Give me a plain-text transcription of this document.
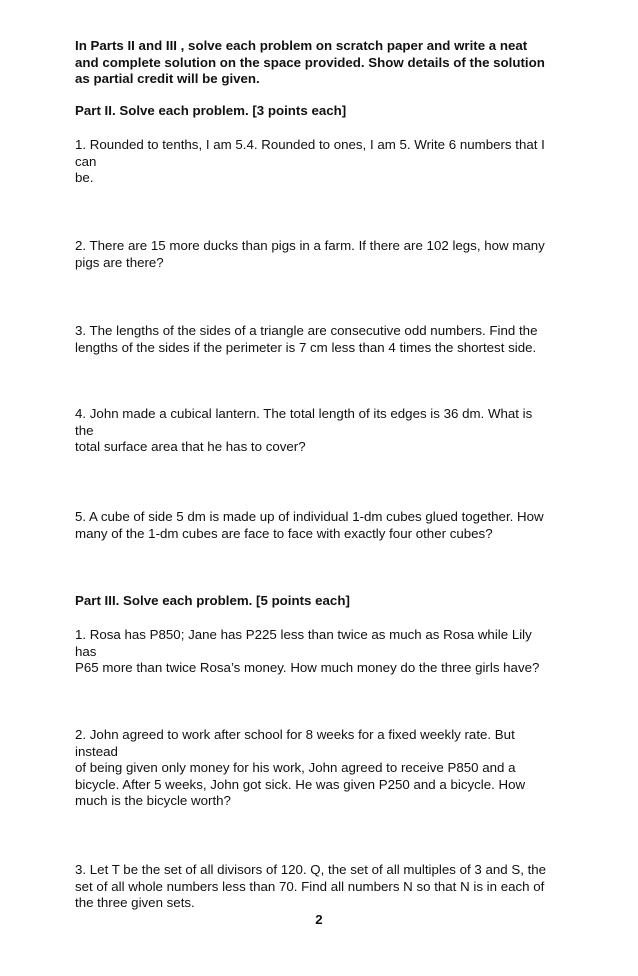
In Parts II and III , solve each problem on scratch paper and write a neat
and complete solution on the space provided. Show details of the solution
as partial credit will be given.

Part II. Solve each problem. [3 points each]

1. Rounded to tenths, I am 5.4. Rounded to ones, I am 5. Write 6 numbers that I
can
be.

2. There are 15 more ducks than pigs in a farm. If there are 102 legs, how many
pigs are there?

3. The lengths of the sides of a triangle are consecutive odd numbers. Find the
lengths of the sides if the perimeter is 7 cm less than 4 times the shortest side.

4. John made a cubical lantern. The total length of its edges is 36 dm. What is
the
total surface area that he has to cover?

5. A cube of side 5 dm is made up of individual 1-dm cubes glued together. How
many of the 1-dm cubes are face to face with exactly four other cubes?

Part III. Solve each problem. [5 points each]

1. Rosa has P850; Jane has P225 less than twice as much as Rosa while Lily
has
P65 more than twice Rosa’s money. How much money do the three girls have?

2. John agreed to work after school for 8 weeks for a fixed weekly rate. But
instead
of being given only money for his work, John agreed to receive P850 and a
bicycle. After 5 weeks, John got sick. He was given P250 and a bicycle. How
much is the bicycle worth?

3. Let T be the set of all divisors of 120. Q, the set of all multiples of 3 and S, the
set of all whole numbers less than 70. Find all numbers N so that N is in each of
the three given sets.

2
